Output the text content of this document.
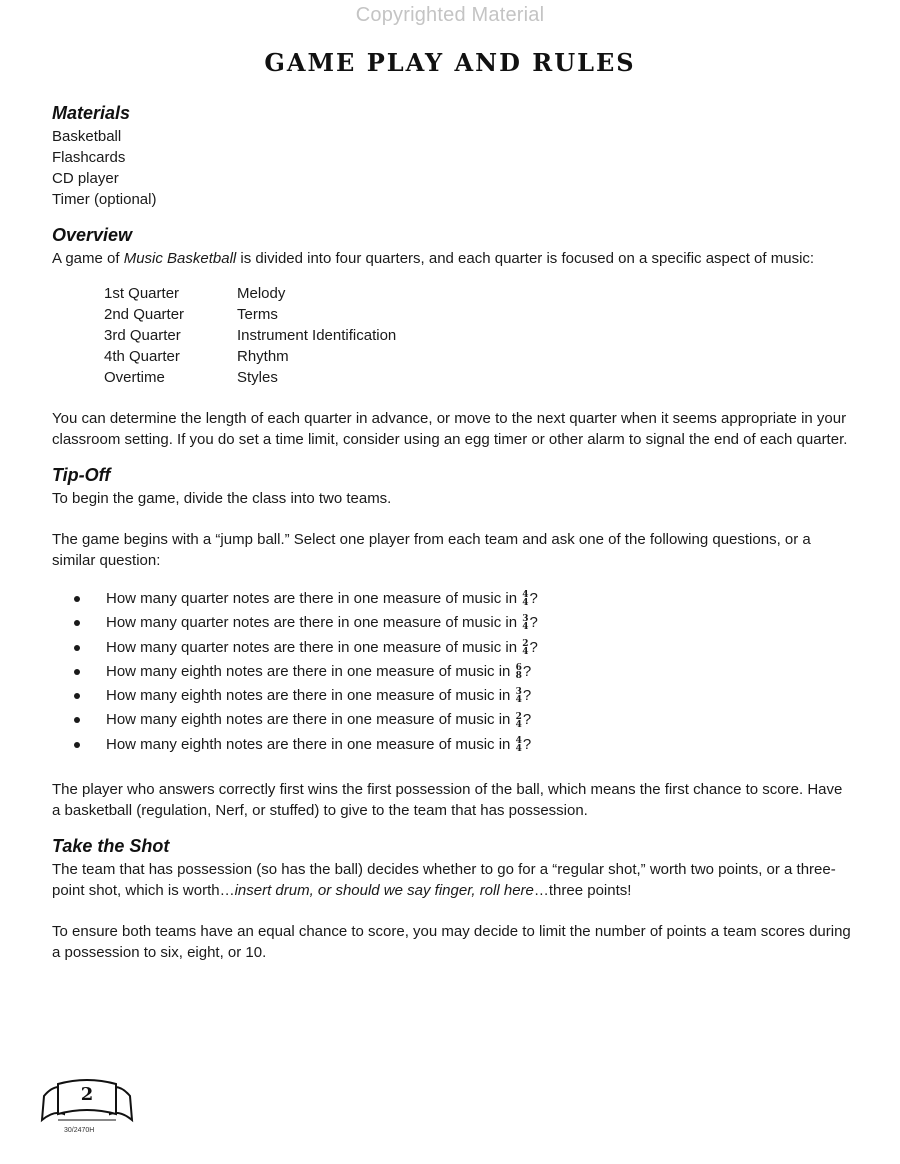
Copyrighted Material
GAME PLAY AND RULES
Materials
Basketball
Flashcards
CD player
Timer (optional)
Overview

A game of Music Basketball is divided into four quarters, and each quarter is focused on a specific aspect of music:

1st Quarter	Melody
2nd Quarter	Terms
3rd Quarter	Instrument Identification
4th Quarter	Rhythm
Overtime	Styles

You can determine the length of each quarter in advance, or move to the next quarter when it seems appropriate in your classroom setting. If you do set a time limit, consider using an egg timer or other alarm to signal the end of each quarter.

Tip-Off

To begin the game, divide the class into two teams.

The game begins with a “jump ball.” Select one player from each team and ask one of the following questions, or a similar question:

How many quarter notes are there in one measure of music in 4
4 ?
How many quarter notes are there in one measure of music in 3
4 ?
How many quarter notes are there in one measure of music in 2
4 ?
How many eighth notes are there in one measure of music in 6
8 ?
How many eighth notes are there in one measure of music in 3
4 ?
How many eighth notes are there in one measure of music in 2
4 ?
How many eighth notes are there in one measure of music in 4
4 ?

The player who answers correctly first wins the first possession of the ball, which means the first chance to score. Have a basketball (regulation, Nerf, or stuffed) to give to the team that has possession.

Take the Shot

The team that has possession (so has the ball) decides whether to go for a “regular shot,” worth two points, or a three-point shot, which is worth…insert drum, or should we say finger, roll here…three points!

To ensure both teams have an equal chance to score, you may decide to limit the number of points a team scores during a possession to six, eight, or 10.

2
30/2470H
